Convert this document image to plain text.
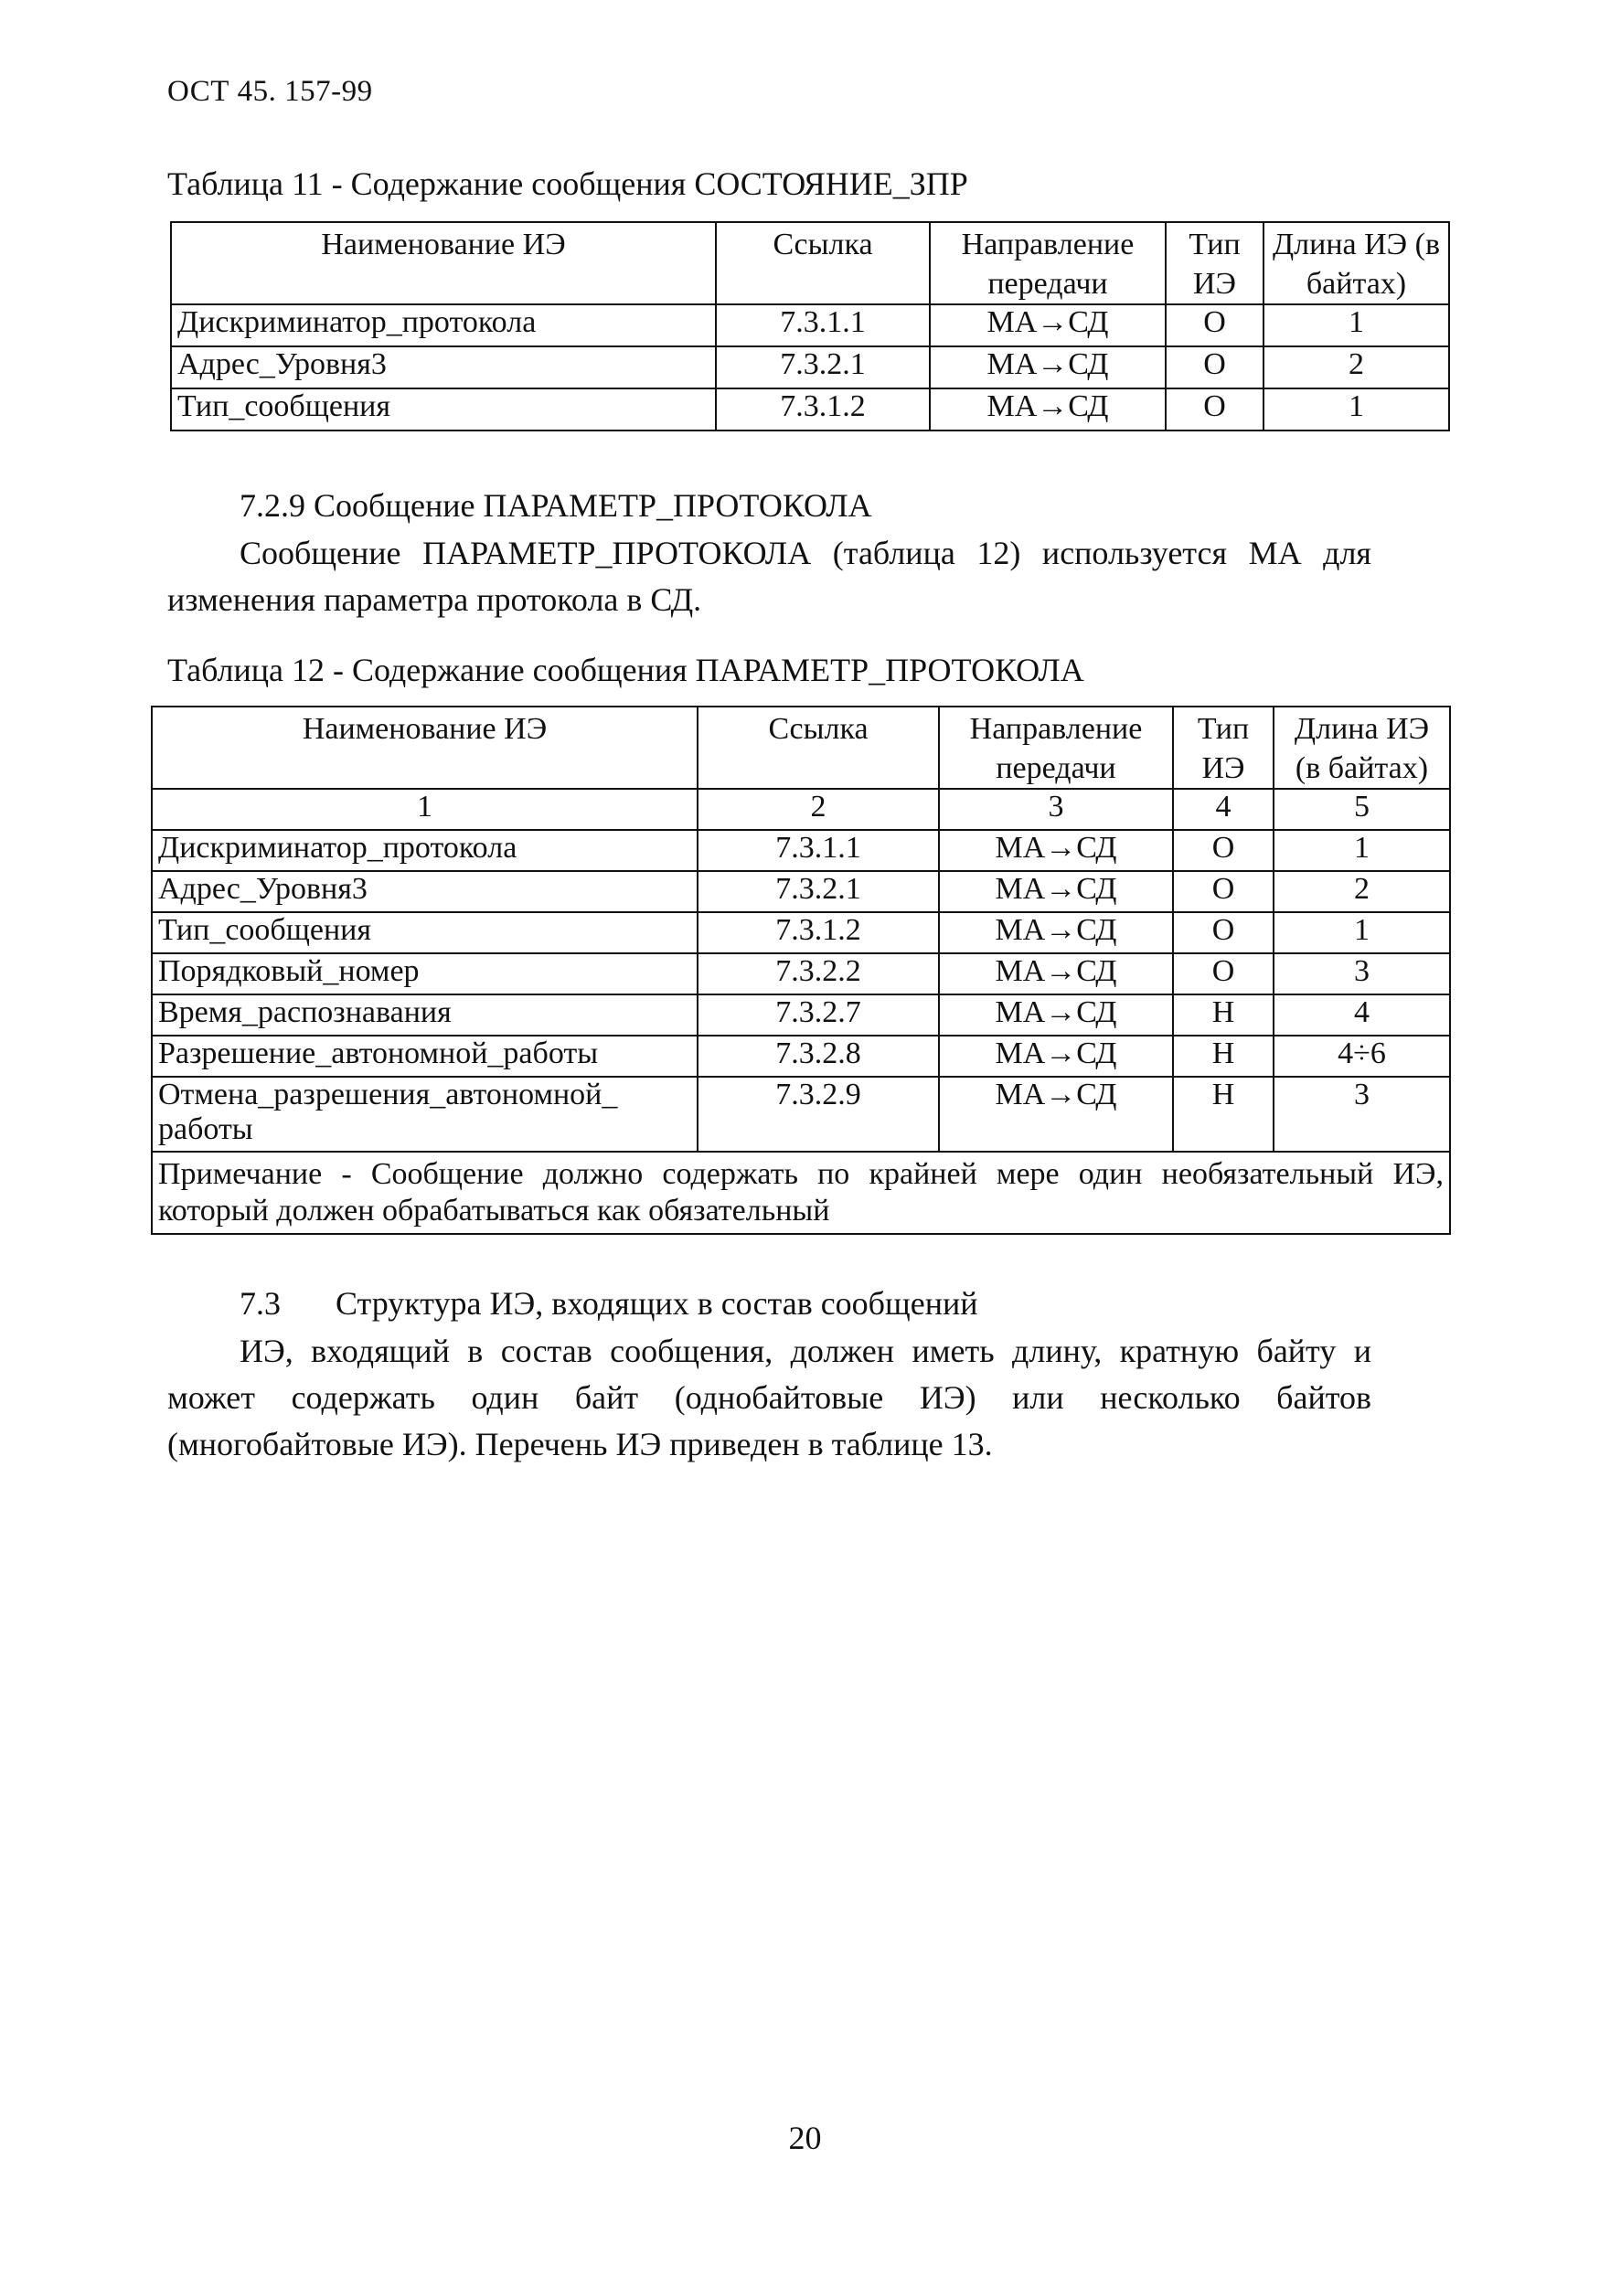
ОСТ 45. 157-99
Таблица 11 - Содержание сообщения СОСТОЯНИЕ_ЗПР
Наименование ИЭ	Ссылка	Направление передачи	Тип ИЭ	Длина ИЭ (в байтах)
Дискриминатор_протокола	7.3.1.1	МА→СД	О	1
Адрес_Уровня3	7.3.2.1	МА→СД	О	2
Тип_сообщения	7.3.1.2	МА→СД	О	1
7.2.9 Сообщение ПАРАМЕТР_ПРОТОКОЛА
Сообщение ПАРАМЕТР_ПРОТОКОЛА (таблица 12) используется МА для изменения параметра протокола в СД.
Таблица 12 - Содержание сообщения ПАРАМЕТР_ПРОТОКОЛА
Наименование ИЭ	Ссылка	Направление передачи	Тип ИЭ	Длина ИЭ (в байтах)
1	2	3	4	5
Дискриминатор_протокола	7.3.1.1	МА→СД	О	1
Адрес_Уровня3	7.3.2.1	МА→СД	О	2
Тип_сообщения	7.3.1.2	МА→СД	О	1
Порядковый_номер	7.3.2.2	МА→СД	О	3
Время_распознавания	7.3.2.7	МА→СД	Н	4
Разрешение_автономной_работы	7.3.2.8	МА→СД	Н	4÷6
Отмена_разрешения_автономной_ работы	7.3.2.9	МА→СД	Н	3
Примечание - Сообщение должно содержать по крайней мере один необязательный ИЭ, который должен обрабатываться как обязательный				
7.3 Структура ИЭ, входящих в состав сообщений
ИЭ, входящий в состав сообщения, должен иметь длину, кратную байту и может содержать один байт (однобайтовые ИЭ) или несколько байтов (многобайтовые ИЭ). Перечень ИЭ приведен в таблице 13.
20
